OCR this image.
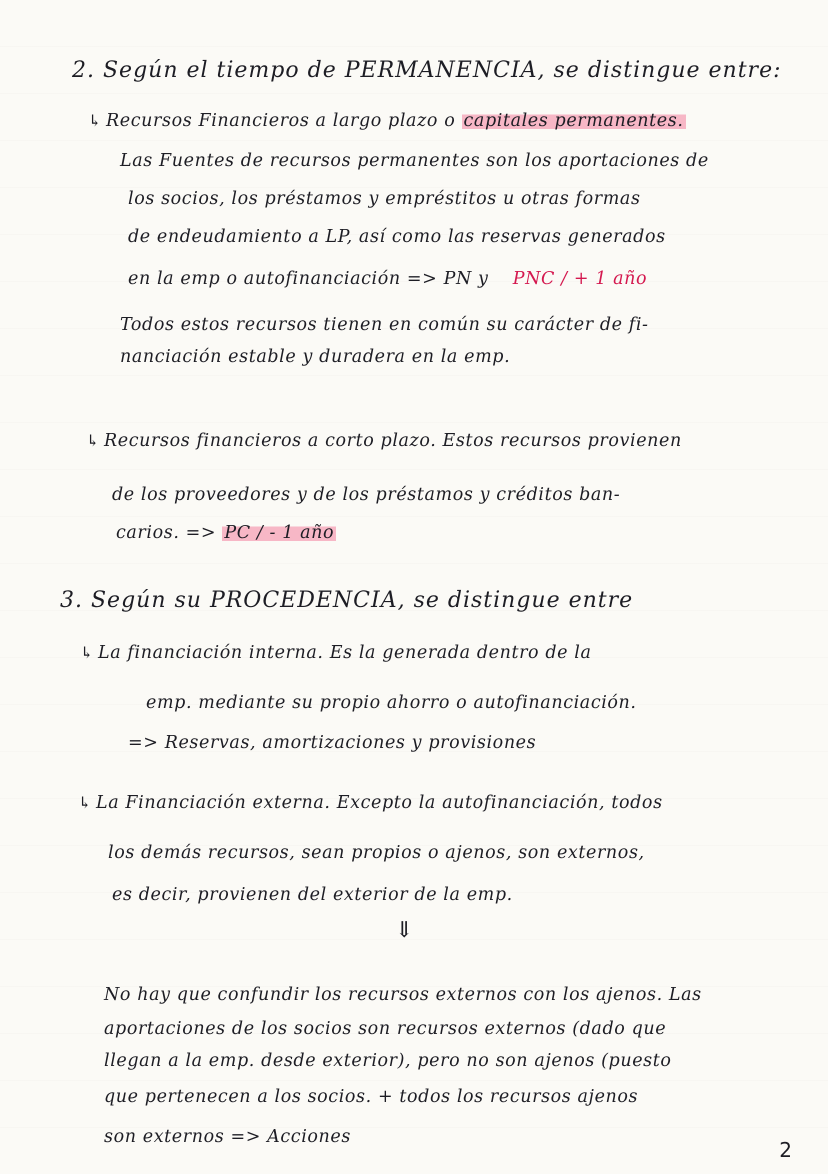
2. Según el tiempo de PERMANENCIA, se distingue entre:
↳ Recursos Financieros a largo plazo o capitales permanentes.
Las Fuentes de recursos permanentes son los aportaciones de
los socios, los préstamos y empréstitos u otras formas
de endeudamiento a LP, así como las reservas generados
en la emp o autofinanciación => PN y PNC / + 1 año
Todos estos recursos tienen en común su carácter de fi-
nanciación estable y duradera en la emp.
↳ Recursos financieros a corto plazo. Estos recursos provienen
de los proveedores y de los préstamos y créditos ban-
carios. => PC / - 1 año
3. Según su PROCEDENCIA, se distingue entre
↳ La financiación interna. Es la generada dentro de la
emp. mediante su propio ahorro o autofinanciación.
=> Reservas, amortizaciones y provisiones
↳ La Financiación externa. Excepto la autofinanciación, todos
los demás recursos, sean propios o ajenos, son externos,
es decir, provienen del exterior de la emp.
⇓
No hay que confundir los recursos externos con los ajenos. Las
aportaciones de los socios son recursos externos (dado que
llegan a la emp. desde exterior), pero no son ajenos (puesto
que pertenecen a los socios. + todos los recursos ajenos
son externos => Acciones
2
